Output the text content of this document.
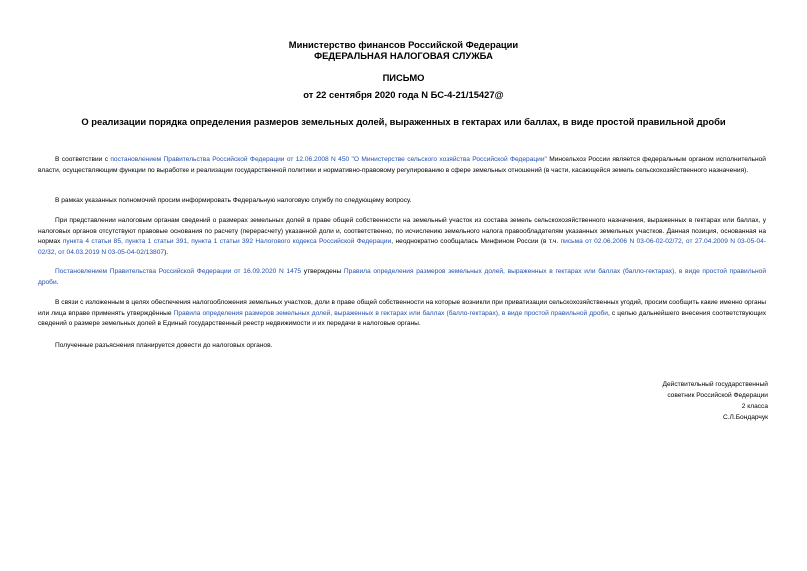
Министерство финансов Российской Федерации
ФЕДЕРАЛЬНАЯ НАЛОГОВАЯ СЛУЖБА
ПИСЬМО
от 22 сентября 2020 года N БС-4-21/15427@
О реализации порядка определения размеров земельных долей, выраженных в гектарах или баллах, в виде простой правильной дроби

В соответствии с постановлением Правительства Российской Федерации от 12.06.2008 N 450 "О Министерстве сельского хозяйства Российской Федерации" Минсельхоз России является федеральным органом исполнительной власти, осуществляющим функции по выработке и реализации государственной политики и нормативно-правовому регулированию в сфере земельных отношений (в части, касающейся земель сельскохозяйственного назначения).

В рамках указанных полномочий просим информировать Федеральную налоговую службу по следующему вопросу.

При представлении налоговым органам сведений о размерах земельных долей в праве общей собственности на земельный участок из состава земель сельскохозяйственного назначения, выраженных в гектарах или баллах, у налоговых органов отсутствуют правовые основания по расчету (перерасчету) указанной доли и, соответственно, по исчислению земельного налога правообладателям указанных земельных участков. Данная позиция, основанная на нормах пункта 4 статьи 85, пункта 1 статьи 391, пункта 1 статьи 392 Налогового кодекса Российской Федерации, неоднократно сообщалась Минфином России (в т.ч. письма от 02.06.2006 N 03-06-02-02/72, от 27.04.2009 N 03-05-04-02/32, от 04.03.2019 N 03-05-04-02/13807).

Постановлением Правительства Российской Федерации от 16.09.2020 N 1475 утверждены Правила определения размеров земельных долей, выраженных в гектарах или баллах (балло-гектарах), в виде простой правильной дроби.

В связи с изложенным в целях обеспечения налогообложения земельных участков, доли в праве общей собственности на которые возникли при приватизации сельскохозяйственных угодий, просим сообщить какие именно органы или лица вправе применять утверждённые Правила определения размеров земельных долей, выраженных в гектарах или баллах (балло-гектарах), в виде простой правильной дроби, с целью дальнейшего внесения соответствующих сведений о размере земельных долей в Единый государственный реестр недвижимости и их передачи в налоговые органы.

Полученные разъяснения планируется довести до налоговых органов.

Действительный государственный
советник Российской Федерации
2 класса
С.Л.Бондарчук
